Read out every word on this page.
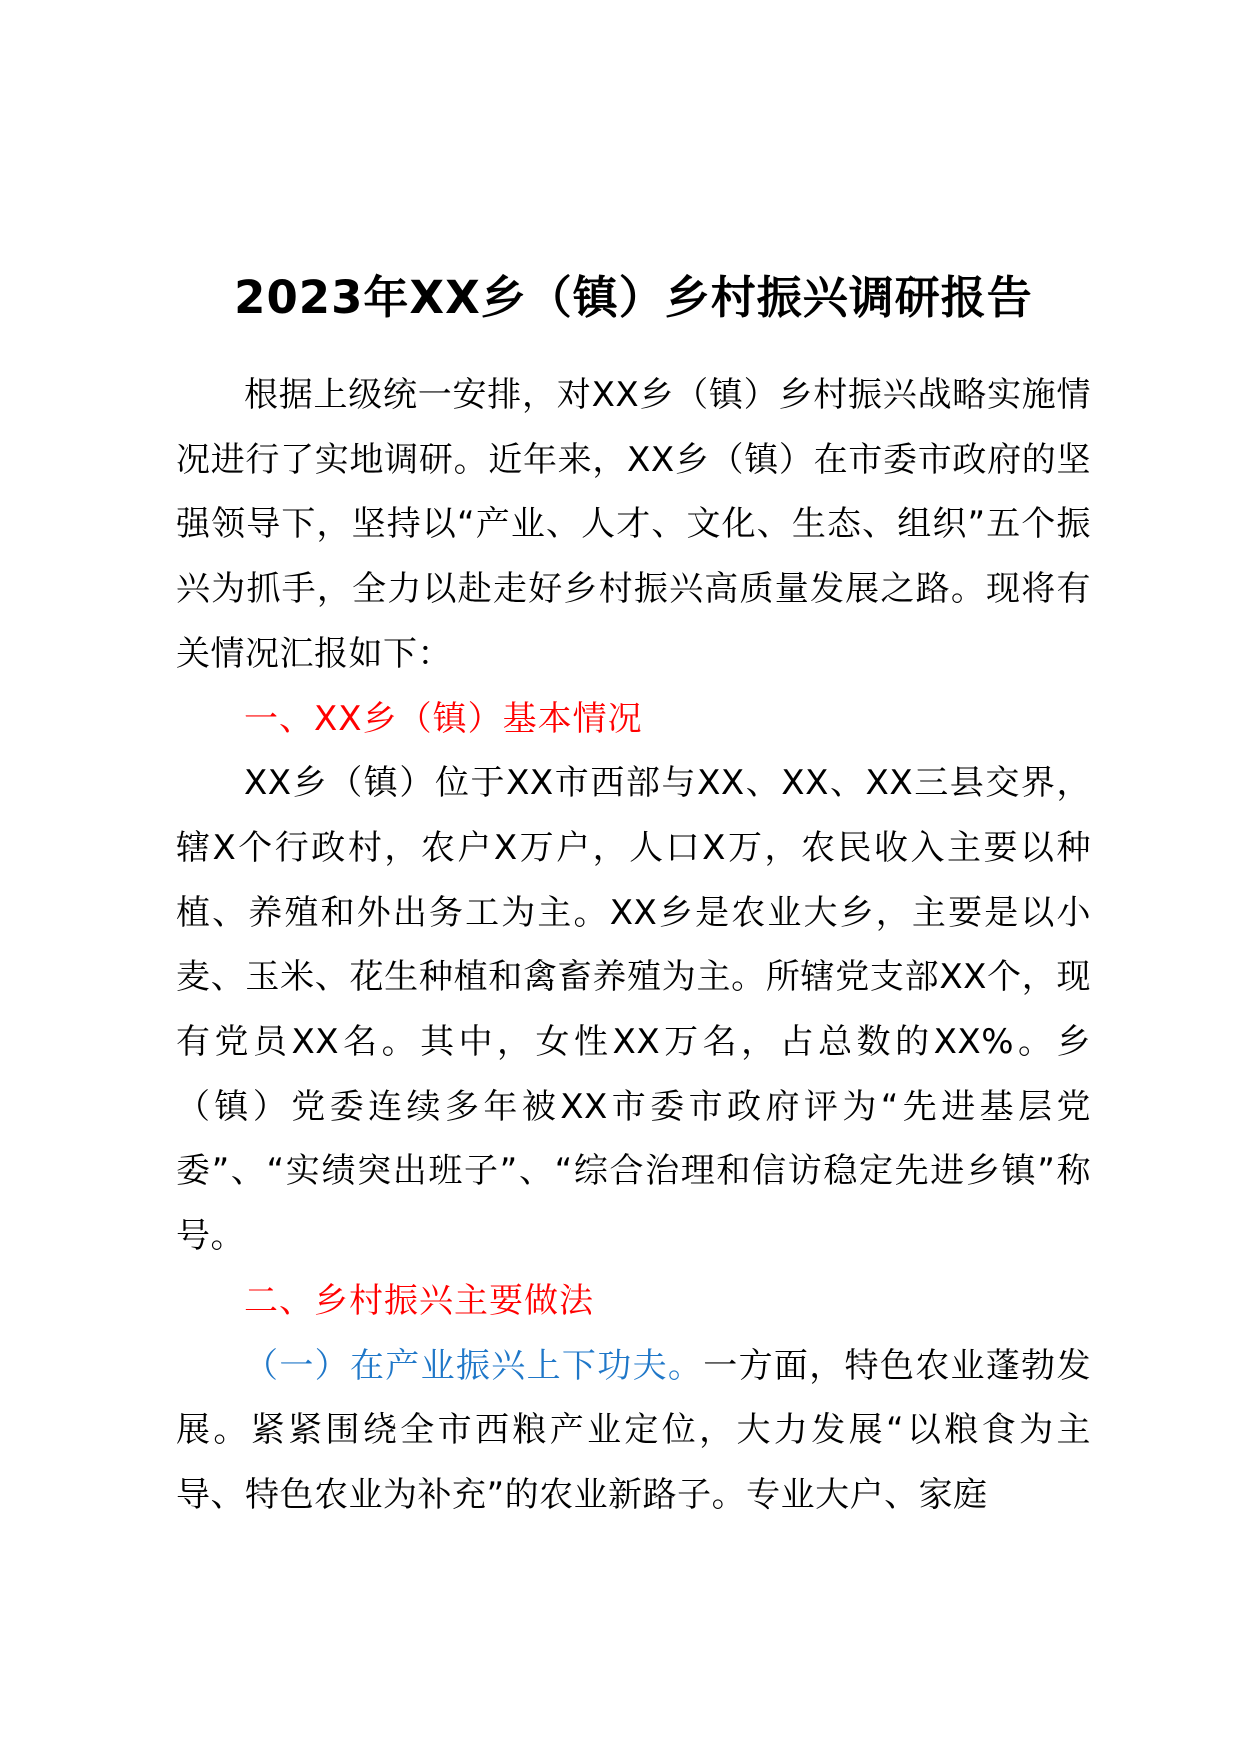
2023年XX乡（镇）乡村振兴调研报告

根据上级统一安排，对XX乡（镇）乡村振兴战略实施情况进行了实地调研。近年来，XX乡（镇）在市委市政府的坚强领导下，坚持以“产业、人才、文化、生态、组织”五个振兴为抓手，全力以赴走好乡村振兴高质量发展之路。现将有关情况汇报如下：

一、XX乡（镇）基本情况

XX乡（镇）位于XX市西部与XX、XX、XX三县交界，辖X个行政村，农户X万户，人口X万，农民收入主要以种植、养殖和外出务工为主。XX乡是农业大乡，主要是以小麦、玉米、花生种植和禽畜养殖为主。所辖党支部XX个，现有党员XX名。其中，女性XX万名，占总数的XX%。乡（镇）党委连续多年被XX市委市政府评为“先进基层党委”、“实绩突出班子”、“综合治理和信访稳定先进乡镇”称号。

二、乡村振兴主要做法

（一）在产业振兴上下功夫。一方面，特色农业蓬勃发展。紧紧围绕全市西粮产业定位，大力发展“以粮食为主导、特色农业为补充”的农业新路子。专业大户、家庭
